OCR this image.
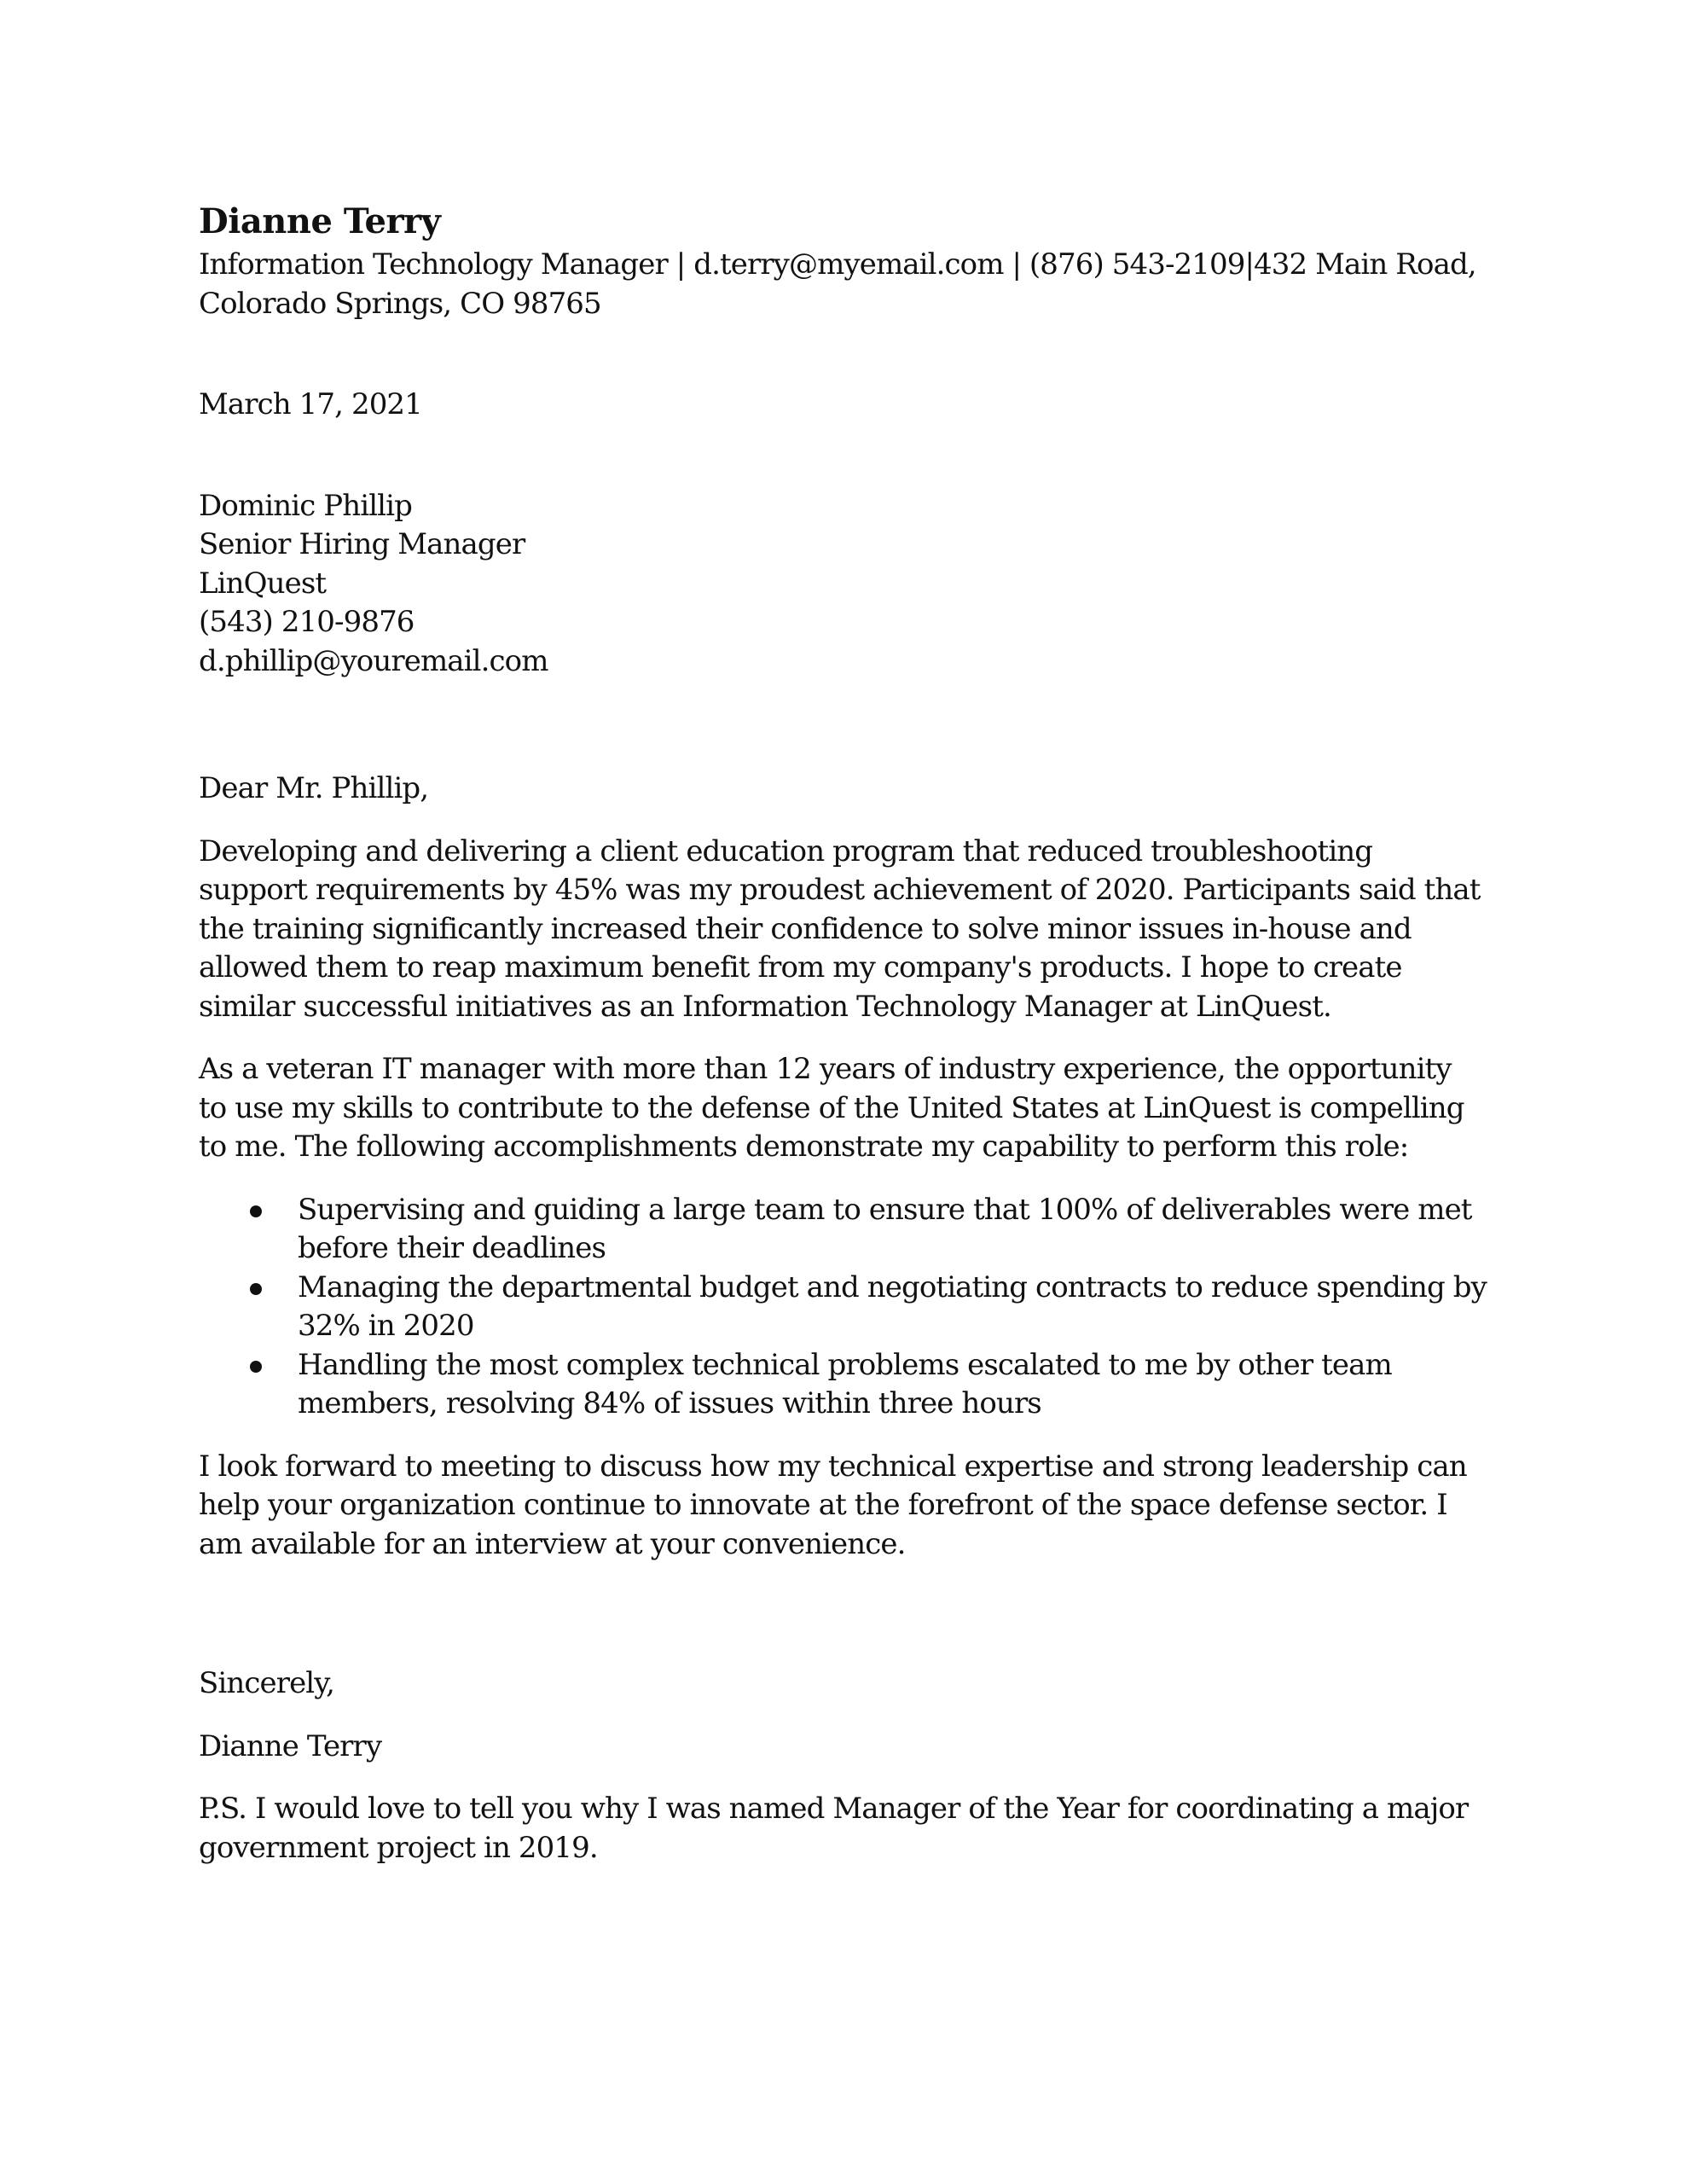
Dianne Terry

Information Technology Manager | d.terry@myemail.com | (876) 543-2109|432 Main Road,

Colorado Springs, CO 98765

March 17, 2021

Dominic Phillip

Senior Hiring Manager

LinQuest

(543) 210-9876

d.phillip@youremail.com

Dear Mr. Phillip,

Developing and delivering a client education program that reduced troubleshooting

support requirements by 45% was my proudest achievement of 2020. Participants said that

the training significantly increased their confidence to solve minor issues in-house and

allowed them to reap maximum benefit from my company's products. I hope to create

similar successful initiatives as an Information Technology Manager at LinQuest.

As a veteran IT manager with more than 12 years of industry experience, the opportunity

to use my skills to contribute to the defense of the United States at LinQuest is compelling

to me. The following accomplishments demonstrate my capability to perform this role:

Supervising and guiding a large team to ensure that 100% of deliverables were met

before their deadlines

Managing the departmental budget and negotiating contracts to reduce spending by

32% in 2020

Handling the most complex technical problems escalated to me by other team

members, resolving 84% of issues within three hours

I look forward to meeting to discuss how my technical expertise and strong leadership can

help your organization continue to innovate at the forefront of the space defense sector. I

am available for an interview at your convenience.

Sincerely,

Dianne Terry

P.S. I would love to tell you why I was named Manager of the Year for coordinating a major

government project in 2019.
